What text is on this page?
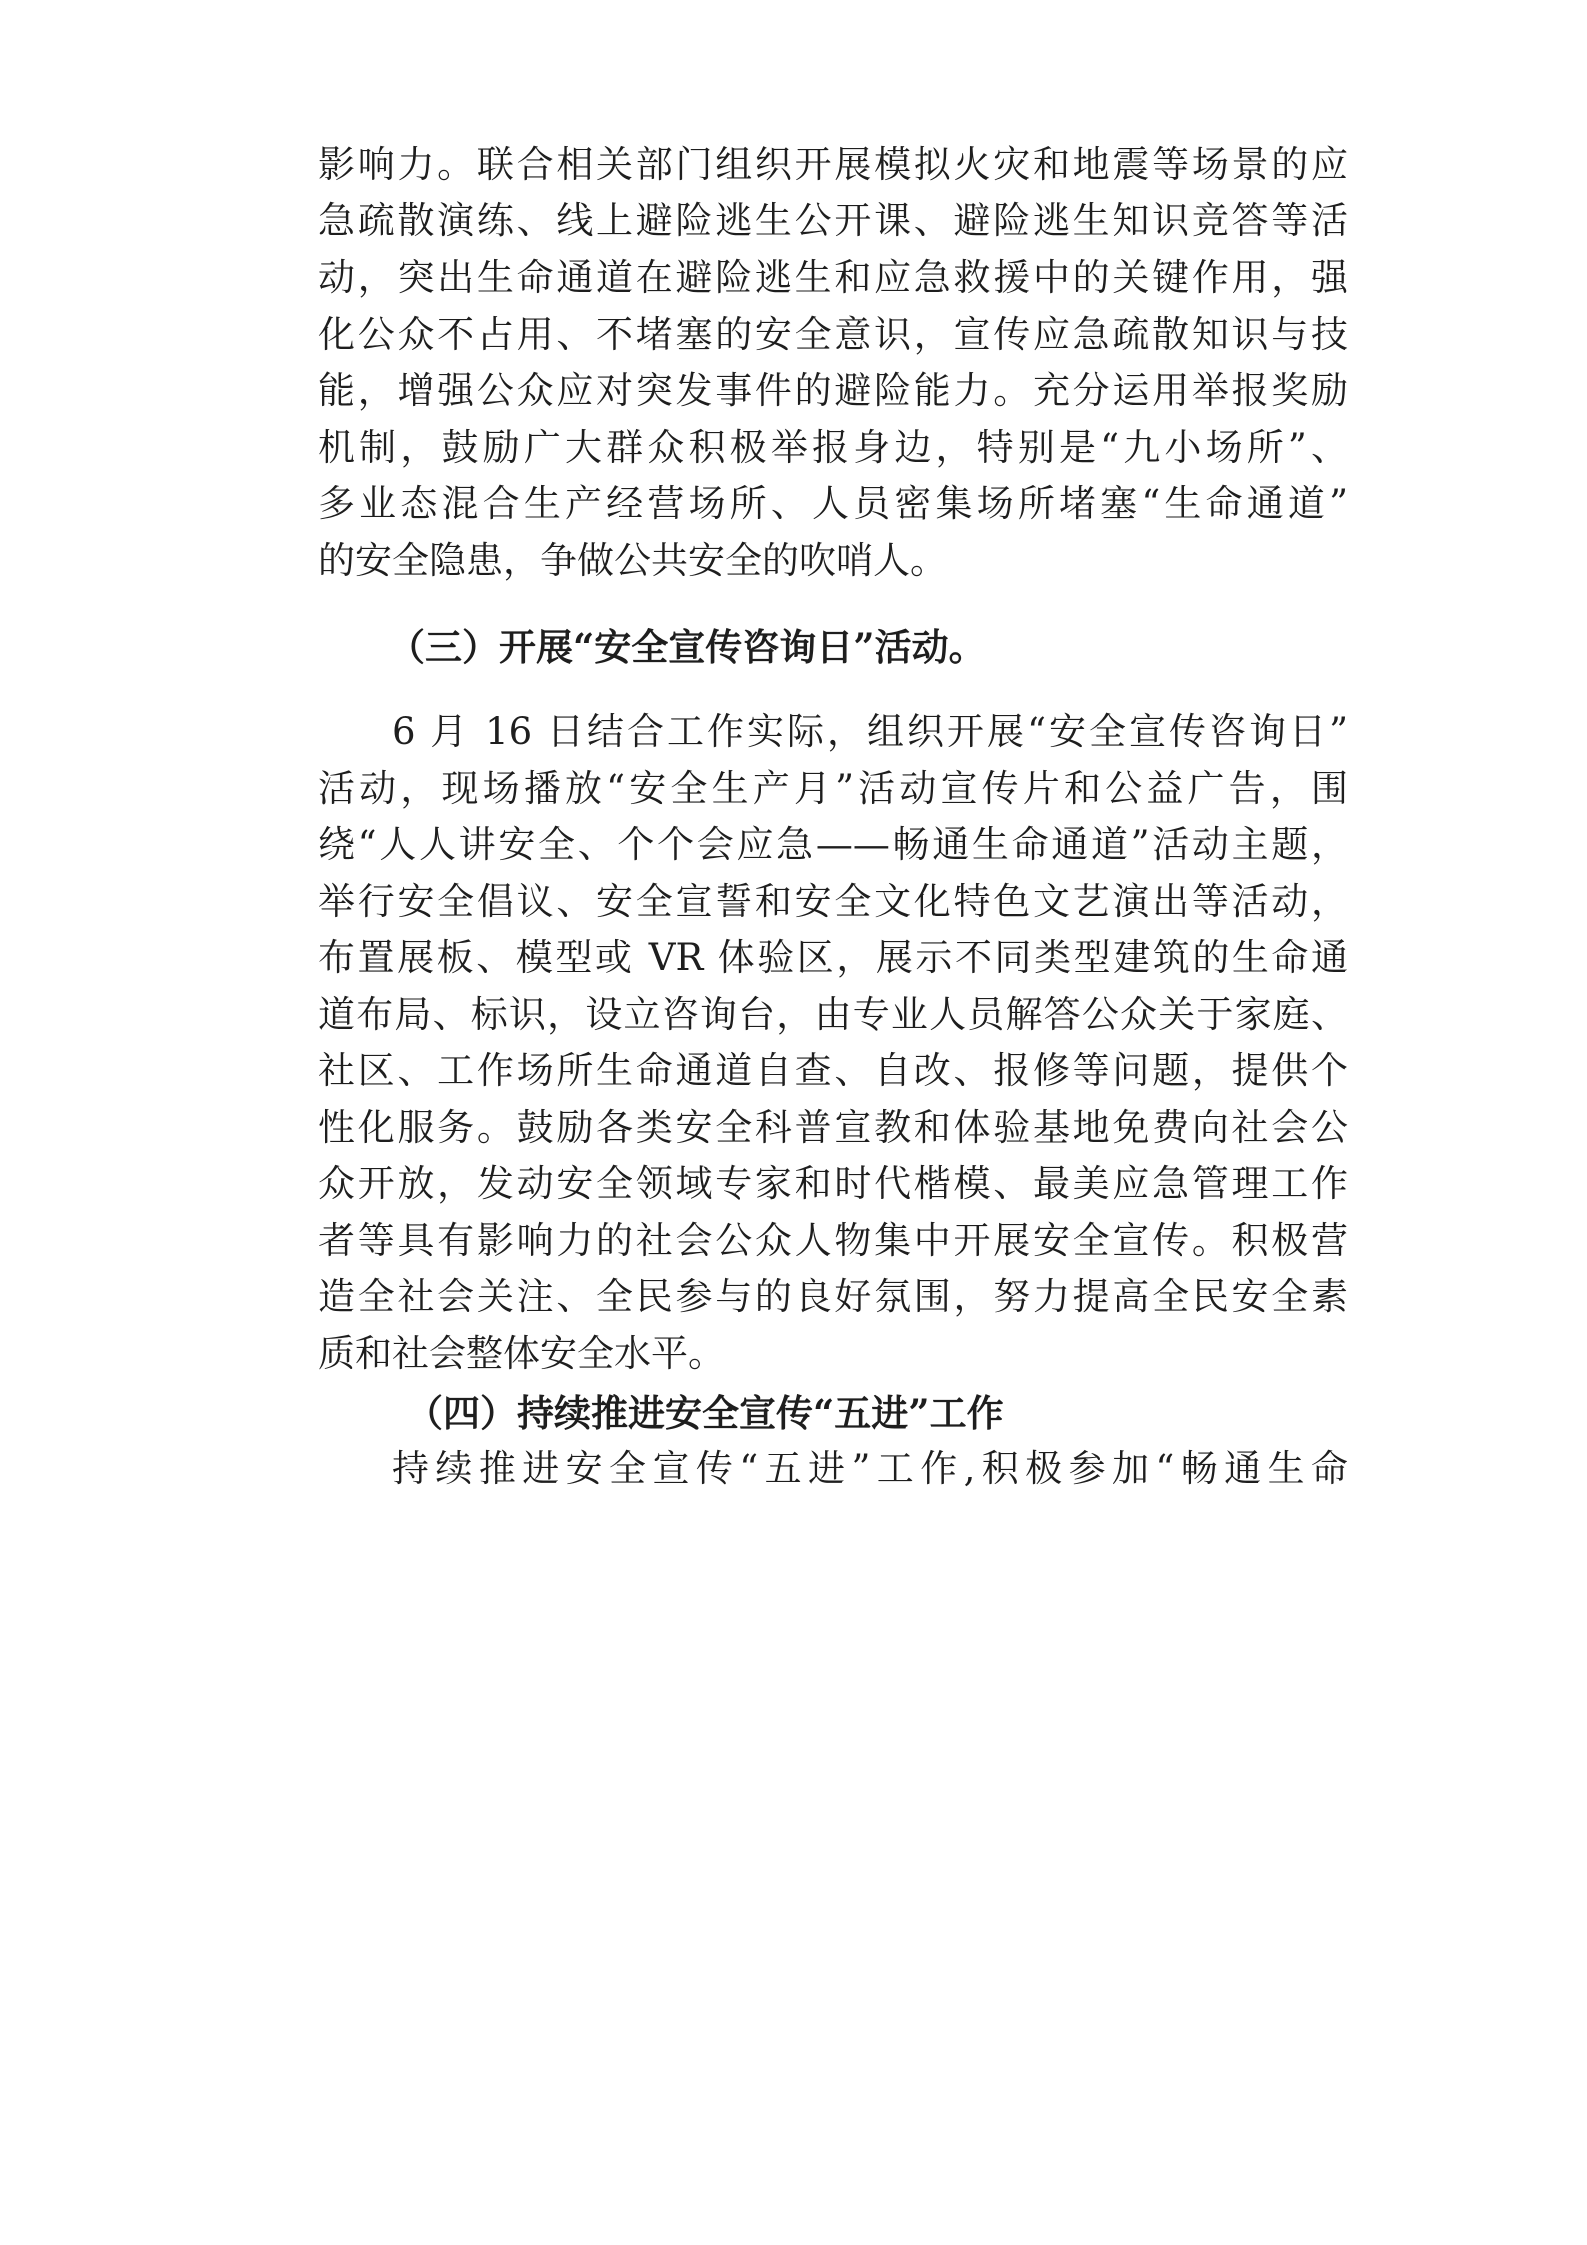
影响力。联合相关部门组织开展模拟火灾和地震等场景的应
急疏散演练、线上避险逃生公开课、避险逃生知识竞答等活
动，突出生命通道在避险逃生和应急救援中的关键作用，强
化公众不占用、不堵塞的安全意识，宣传应急疏散知识与技
能，增强公众应对突发事件的避险能力。充分运用举报奖励
机制，鼓励广大群众积极举报身边，特别是“九小场所”、
多业态混合生产经营场所、人员密集场所堵塞“生命通道”
的安全隐患，争做公共安全的吹哨人。
（三）开展“安全宣传咨询日”活动。
6 月 16 日结合工作实际，组织开展“安全宣传咨询日”
活动，现场播放“安全生产月”活动宣传片和公益广告，围
绕“人人讲安全、个个会应急——畅通生命通道”活动主题，
举行安全倡议、安全宣誓和安全文化特色文艺演出等活动，
布置展板、模型或 VR 体验区，展示不同类型建筑的生命通
道布局、标识，设立咨询台，由专业人员解答公众关于家庭、
社区、工作场所生命通道自查、自改、报修等问题，提供个
性化服务。鼓励各类安全科普宣教和体验基地免费向社会公
众开放，发动安全领域专家和时代楷模、最美应急管理工作
者等具有影响力的社会公众人物集中开展安全宣传。积极营
造全社会关注、全民参与的良好氛围，努力提高全民安全素
质和社会整体安全水平。
（四）持续推进安全宣传“五进”工作
持续推进安全宣传“五进”工作,积极参加“畅通生命
